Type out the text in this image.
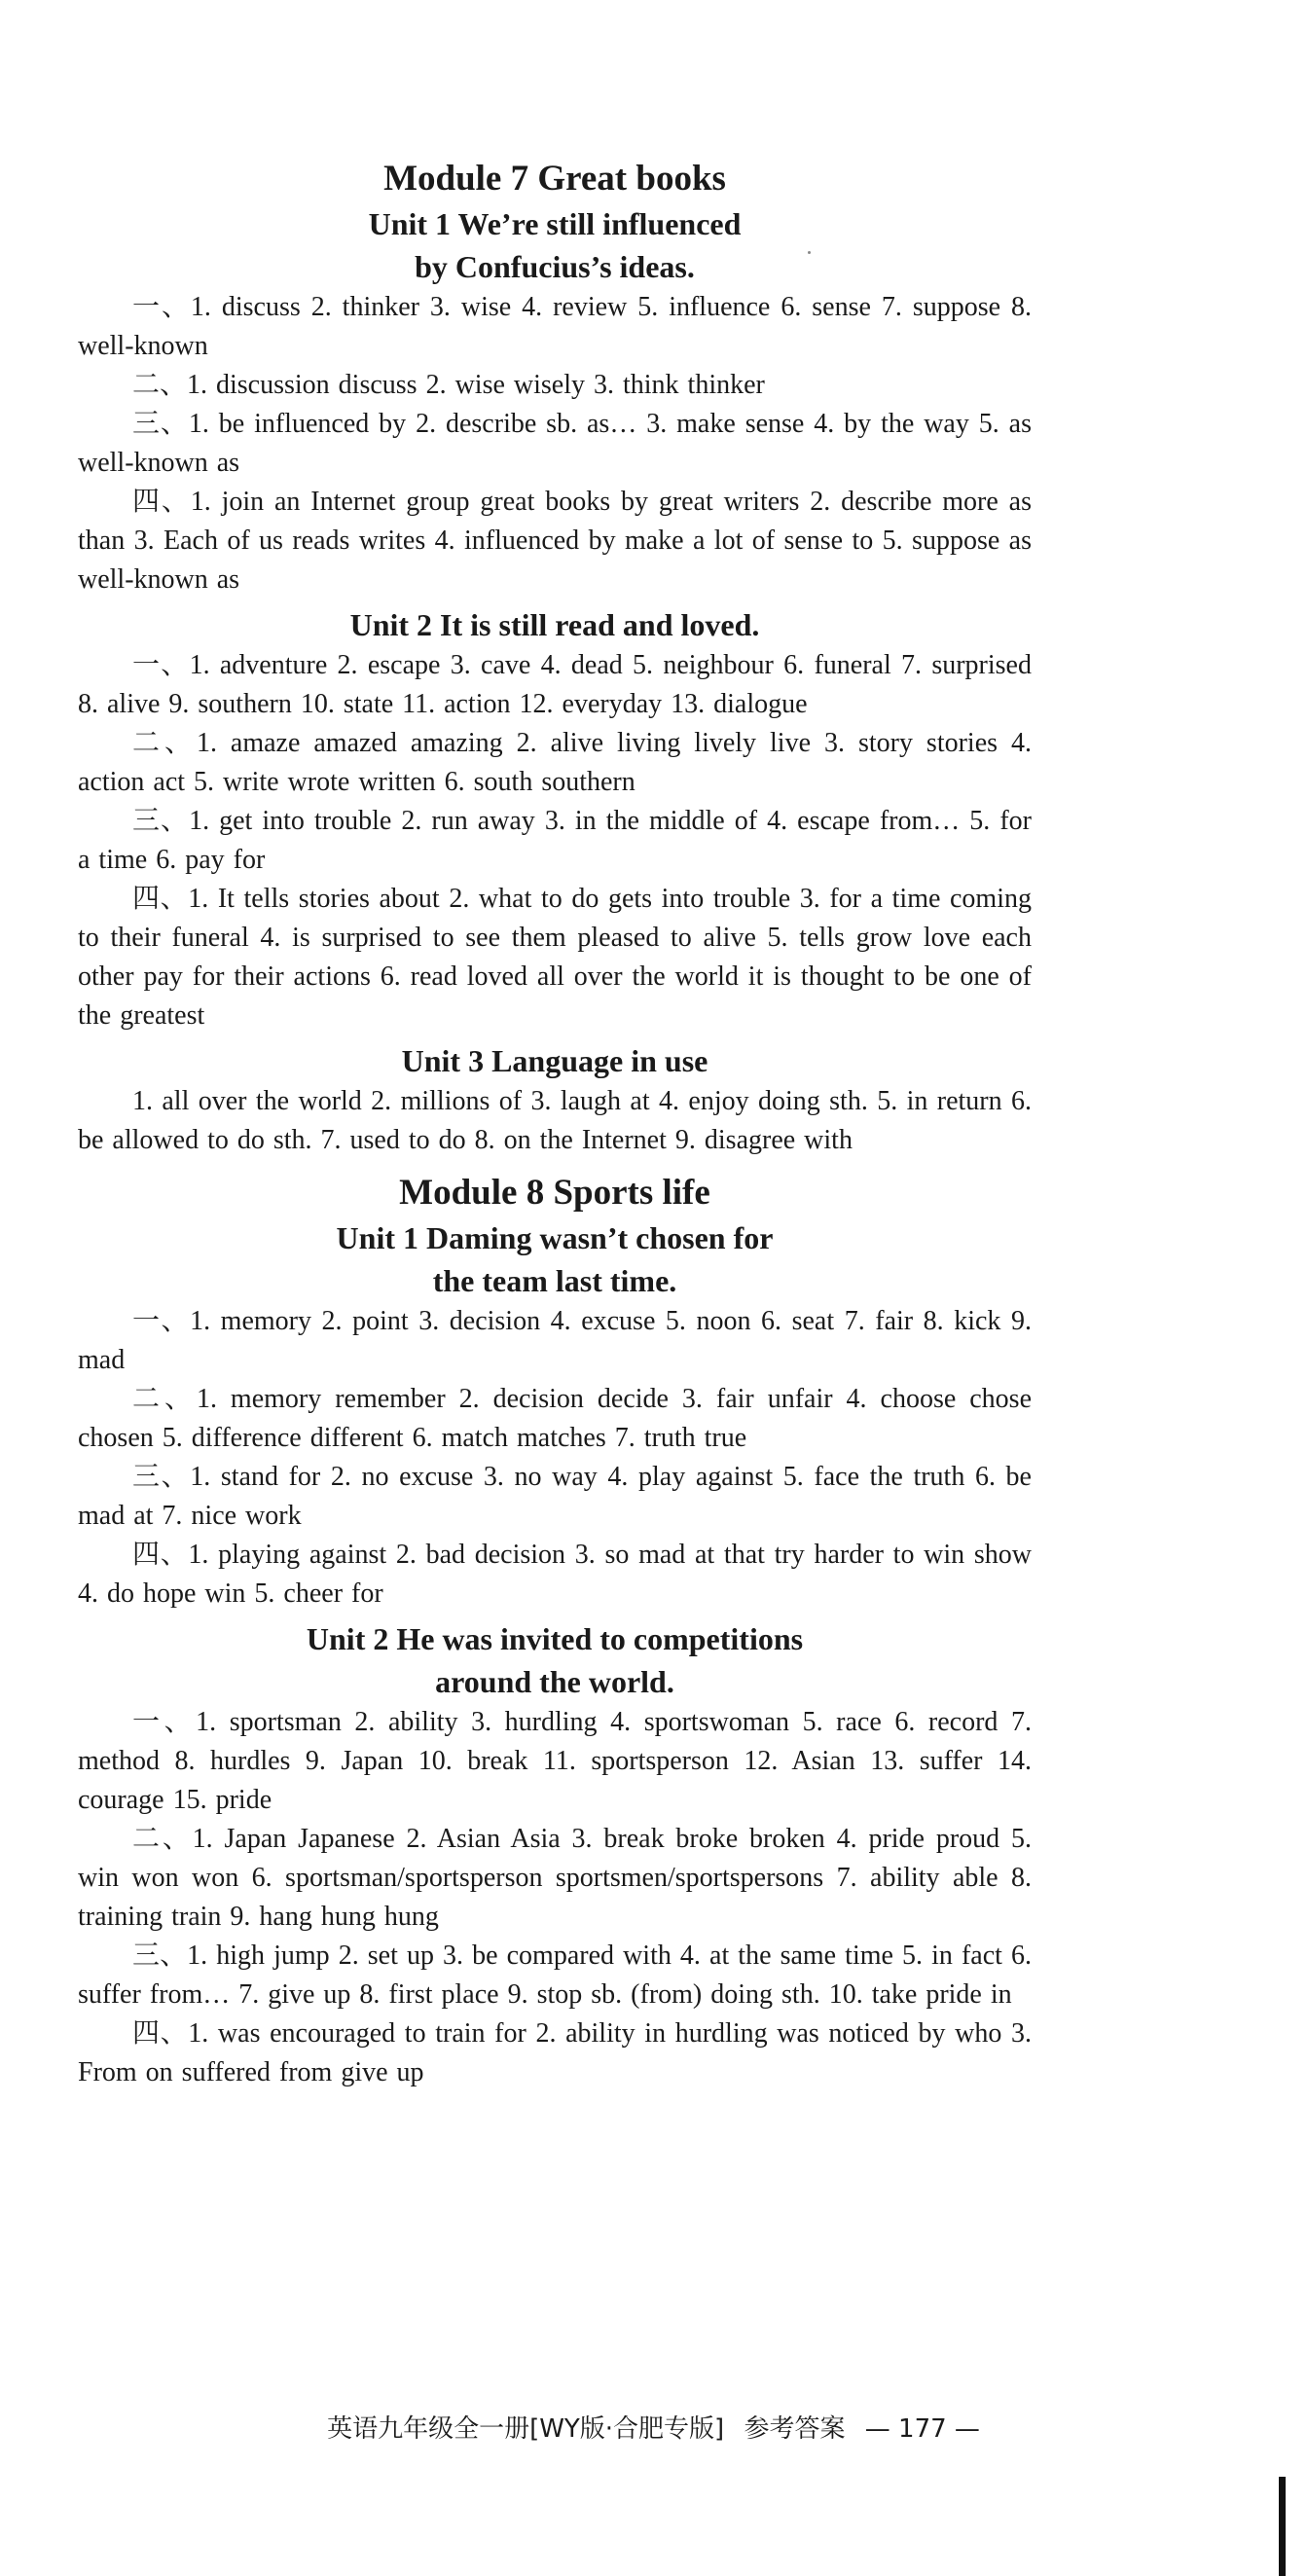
Module 7 Great books

Unit 1 We’re still influenced

by Confucius’s ideas.

一、1. discuss 2. thinker 3. wise 4. review 5. influence 6. sense 7. suppose 8. well-known

二、1. discussion discuss 2. wise wisely 3. think thinker

三、1. be influenced by 2. describe sb. as… 3. make sense 4. by the way 5. as well-known as

四、1. join an Internet group great books by great writers 2. describe more as than 3. Each of us reads writes 4. influenced by make a lot of sense to 5. suppose as well-known as

Unit 2 It is still read and loved.

一、1. adventure 2. escape 3. cave 4. dead 5. neighbour 6. funeral 7. surprised 8. alive 9. southern 10. state 11. action 12. everyday 13. dialogue

二、1. amaze amazed amazing 2. alive living lively live 3. story stories 4. action act 5. write wrote written 6. south southern

三、1. get into trouble 2. run away 3. in the middle of 4. escape from… 5. for a time 6. pay for

四、1. It tells stories about 2. what to do gets into trouble 3. for a time coming to their funeral 4. is surprised to see them pleased to alive 5. tells grow love each other pay for their actions 6. read loved all over the world it is thought to be one of the greatest

Unit 3 Language in use

1. all over the world 2. millions of 3. laugh at 4. enjoy doing sth. 5. in return 6. be allowed to do sth. 7. used to do 8. on the Internet 9. disagree with

Module 8 Sports life

Unit 1 Daming wasn’t chosen for

the team last time.

一、1. memory 2. point 3. decision 4. excuse 5. noon 6. seat 7. fair 8. kick 9. mad

二、1. memory remember 2. decision decide 3. fair unfair 4. choose chose chosen 5. difference different 6. match matches 7. truth true

三、1. stand for 2. no excuse 3. no way 4. play against 5. face the truth 6. be mad at 7. nice work

四、1. playing against 2. bad decision 3. so mad at that try harder to win show 4. do hope win 5. cheer for

Unit 2 He was invited to competitions

around the world.

一、1. sportsman 2. ability 3. hurdling 4. sportswoman 5. race 6. record 7. method 8. hurdles 9. Japan 10. break 11. sportsperson 12. Asian 13. suffer 14. courage 15. pride

二、1. Japan Japanese 2. Asian Asia 3. break broke broken 4. pride proud 5. win won won 6. sportsman/sportsperson sportsmen/sportspersons 7. ability able 8. training train 9. hang hung hung

三、1. high jump 2. set up 3. be compared with 4. at the same time 5. in fact 6. suffer from… 7. give up 8. first place 9. stop sb. (from) doing sth. 10. take pride in

四、1. was encouraged to train for 2. ability in hurdling was noticed by who 3. From on suffered from give up

英语九年级全一册[WY版·合肥专版] 参考答案 — 177 —
